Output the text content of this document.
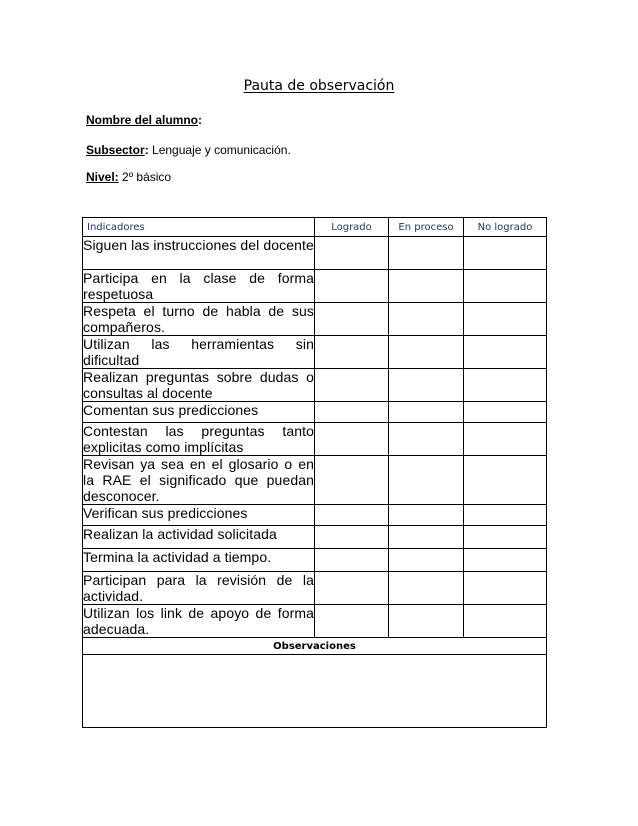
Pauta de observación
Nombre del alumno:
Subsector: Lenguaje y comunicación.
Nivel: 2º básico
Indicadores	Logrado	En proceso	No logrado
Siguen las instrucciones del docente			
Participa en la clase de forma respetuosa			
Respeta el turno de habla de sus compañeros.			
Utilizan las herramientas sin dificultad			
Realizan preguntas sobre dudas o consultas al docente			
Comentan sus predicciones			
Contestan las preguntas tanto explicitas como implícitas			
Revisan ya sea en el glosario o en la RAE el significado que puedan desconocer.			
Verifican sus predicciones			
Realizan la actividad solicitada			
Termina la actividad a tiempo.			
Participan para la revisión de la actividad.			
Utilizan los link de apoyo de forma adecuada.			
Observaciones			
